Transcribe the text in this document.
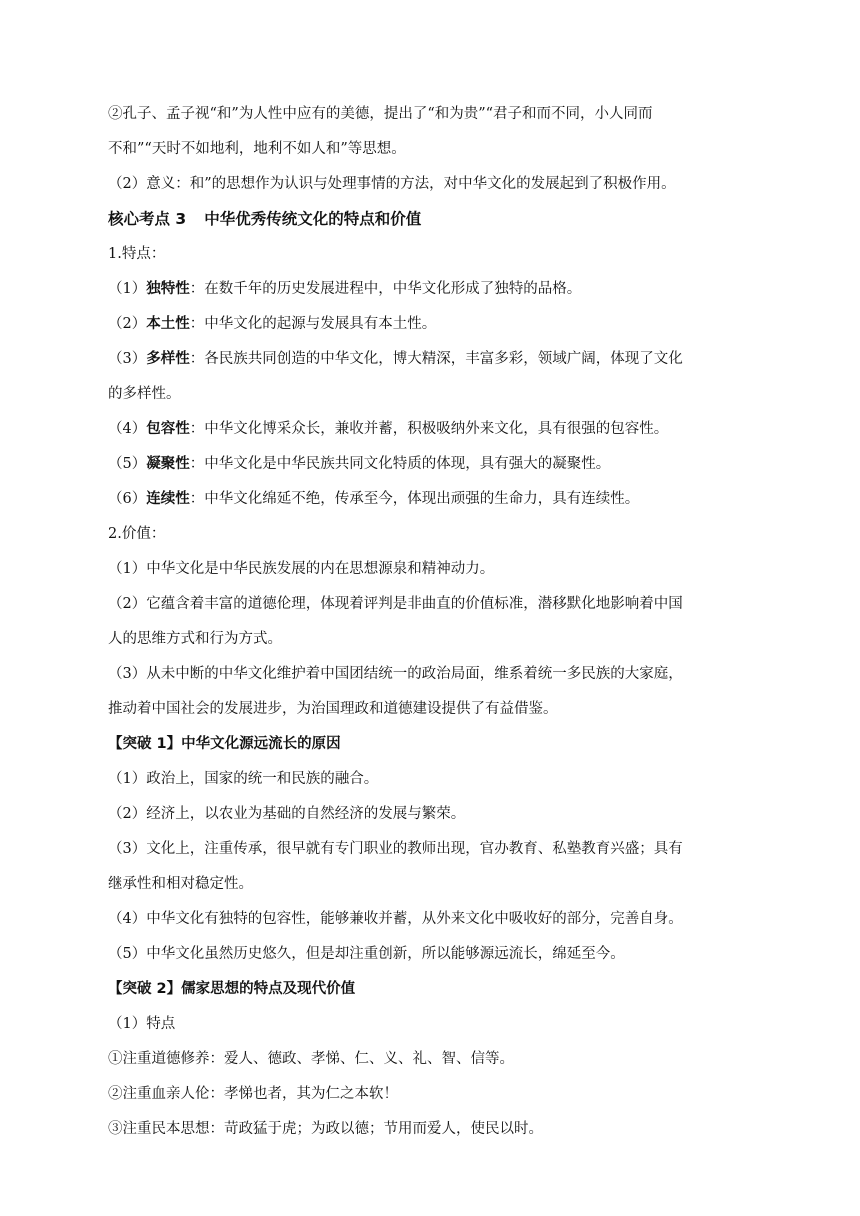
②孔子、孟子视“和”为人性中应有的美德，提出了“和为贵”“君子和而不同，小人同而
不和”“天时不如地利，地利不如人和”等思想。
（2）意义：和”的思想作为认识与处理事情的方法，对中华文化的发展起到了积极作用。
核心考点 3 中华优秀传统文化的特点和价值
1.特点：
（1）独特性：在数千年的历史发展进程中，中华文化形成了独特的品格。
（2）本土性：中华文化的起源与发展具有本土性。
（3）多样性：各民族共同创造的中华文化，博大精深，丰富多彩，领域广阔，体现了文化
的多样性。
（4）包容性：中华文化博采众长，兼收并蓄，积极吸纳外来文化，具有很强的包容性。
（5）凝聚性：中华文化是中华民族共同文化特质的体现，具有强大的凝聚性。
（6）连续性：中华文化绵延不绝，传承至今，体现出顽强的生命力，具有连续性。
2.价值：
（1）中华文化是中华民族发展的内在思想源泉和精神动力。
（2）它蕴含着丰富的道德伦理，体现着评判是非曲直的价值标准，潜移默化地影响着中国
人的思维方式和行为方式。
（3）从未中断的中华文化维护着中国团结统一的政治局面，维系着统一多民族的大家庭，
推动着中国社会的发展进步，为治国理政和道德建设提供了有益借鉴。
【突破 1】中华文化源远流长的原因
（1）政治上，国家的统一和民族的融合。
（2）经济上，以农业为基础的自然经济的发展与繁荣。
（3）文化上，注重传承，很早就有专门职业的教师出现，官办教育、私塾教育兴盛；具有
继承性和相对稳定性。
（4）中华文化有独特的包容性，能够兼收并蓄，从外来文化中吸收好的部分，完善自身。
（5）中华文化虽然历史悠久，但是却注重创新，所以能够源远流长，绵延至今。
【突破 2】儒家思想的特点及现代价值
（1）特点
①注重道德修养：爱人、德政、孝悌、仁、义、礼、智、信等。
②注重血亲人伦：孝悌也者，其为仁之本软！
③注重民本思想：苛政猛于虎；为政以德；节用而爱人，使民以时。
